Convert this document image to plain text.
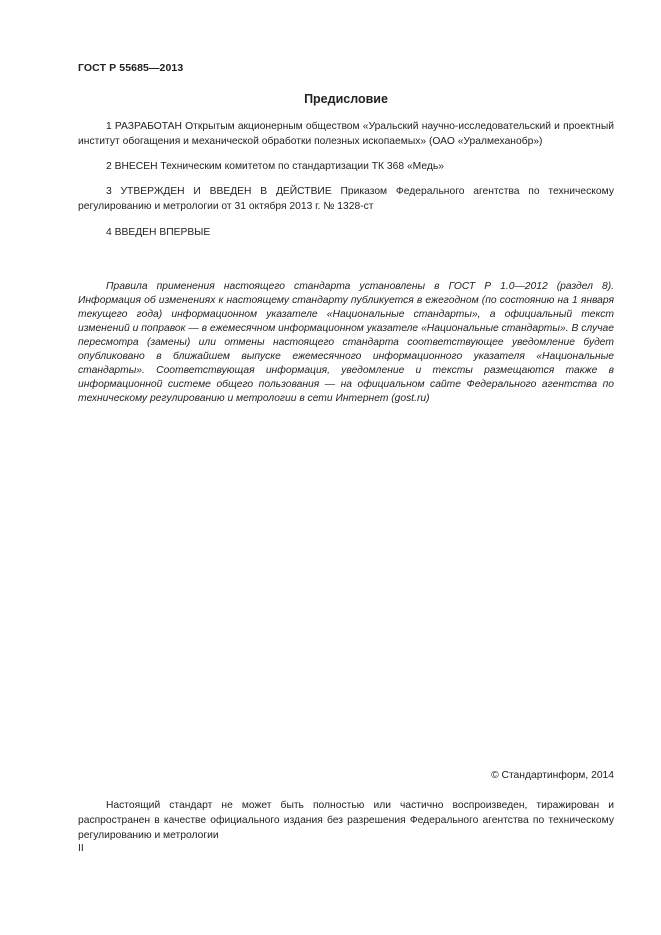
ГОСТ Р 55685—2013

Предисловие

1 РАЗРАБОТАН Открытым акционерным обществом «Уральский научно-исследовательский и проектный институт обогащения и механической обработки полезных ископаемых» (ОАО «Уралмеханобр»)

2 ВНЕСЕН Техническим комитетом по стандартизации ТК 368 «Медь»

3 УТВЕРЖДЕН И ВВЕДЕН В ДЕЙСТВИЕ Приказом Федерального агентства по техническому регулированию и метрологии от 31 октября 2013 г. № 1328-ст

4 ВВЕДЕН ВПЕРВЫЕ

Правила применения настоящего стандарта установлены в ГОСТ Р 1.0—2012 (раздел 8). Информация об изменениях к настоящему стандарту публикуется в ежегодном (по состоянию на 1 января текущего года) информационном указателе «Национальные стандарты», а официальный текст изменений и поправок — в ежемесячном информационном указателе «Национальные стандарты». В случае пересмотра (замены) или отмены настоящего стандарта соответствующее уведомление будет опубликовано в ближайшем выпуске ежемесячного информационного указателя «Национальные стандарты». Соответствующая информация, уведомление и тексты размещаются также в информационной системе общего пользования — на официальном сайте Федерального агентства по техническому регулированию и метрологии в сети Интернет (gost.ru)

© Стандартинформ, 2014

Настоящий стандарт не может быть полностью или частично воспроизведен, тиражирован и распространен в качестве официального издания без разрешения Федерального агентства по техническому регулированию и метрологии

II
